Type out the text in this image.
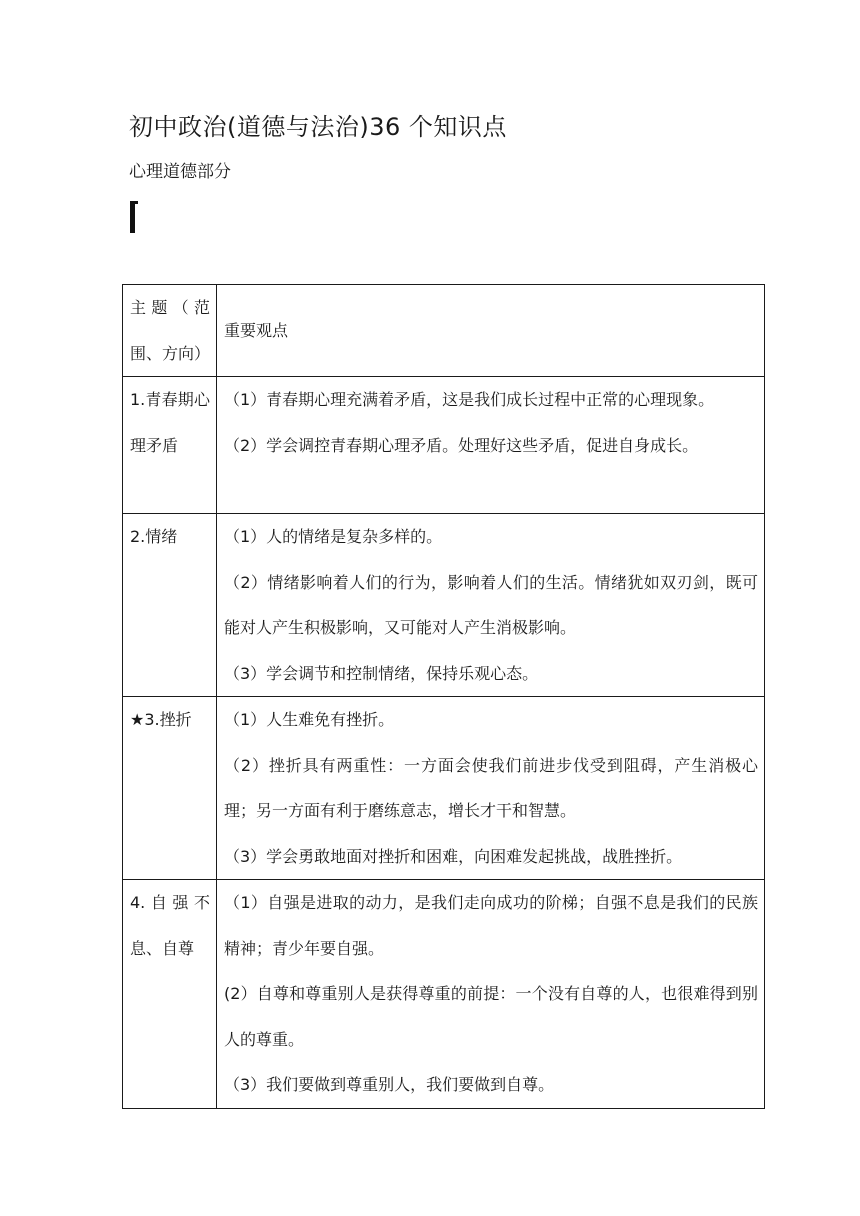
初中政治(道德与法治)36 个知识点
心理道德部分
主题（范围、方向）	重要观点
1.青春期心理矛盾	（1）青春期心理充满着矛盾，这是我们成长过程中正常的心理现象。
（2）学会调控青春期心理矛盾。处理好这些矛盾，促进自身成长。

2.情绪	（1）人的情绪是复杂多样的。
（2）情绪影响着人们的行为，影响着人们的生活。情绪犹如双刃剑，既可能对人产生积极影响，又可能对人产生消极影响。
（3）学会调节和控制情绪，保持乐观心态。

★3.挫折	（1）人生难免有挫折。
（2）挫折具有两重性：一方面会使我们前进步伐受到阻碍，产生消极心理；另一方面有利于磨练意志，增长才干和智慧。
（3）学会勇敢地面对挫折和困难，向困难发起挑战，战胜挫折。

4.自强不息、自尊	（1）自强是进取的动力，是我们走向成功的阶梯；自强不息是我们的民族精神；青少年要自强。
(2）自尊和尊重别人是获得尊重的前提：一个没有自尊的人，也很难得到别人的尊重。
（3）我们要做到尊重别人，我们要做到自尊。
